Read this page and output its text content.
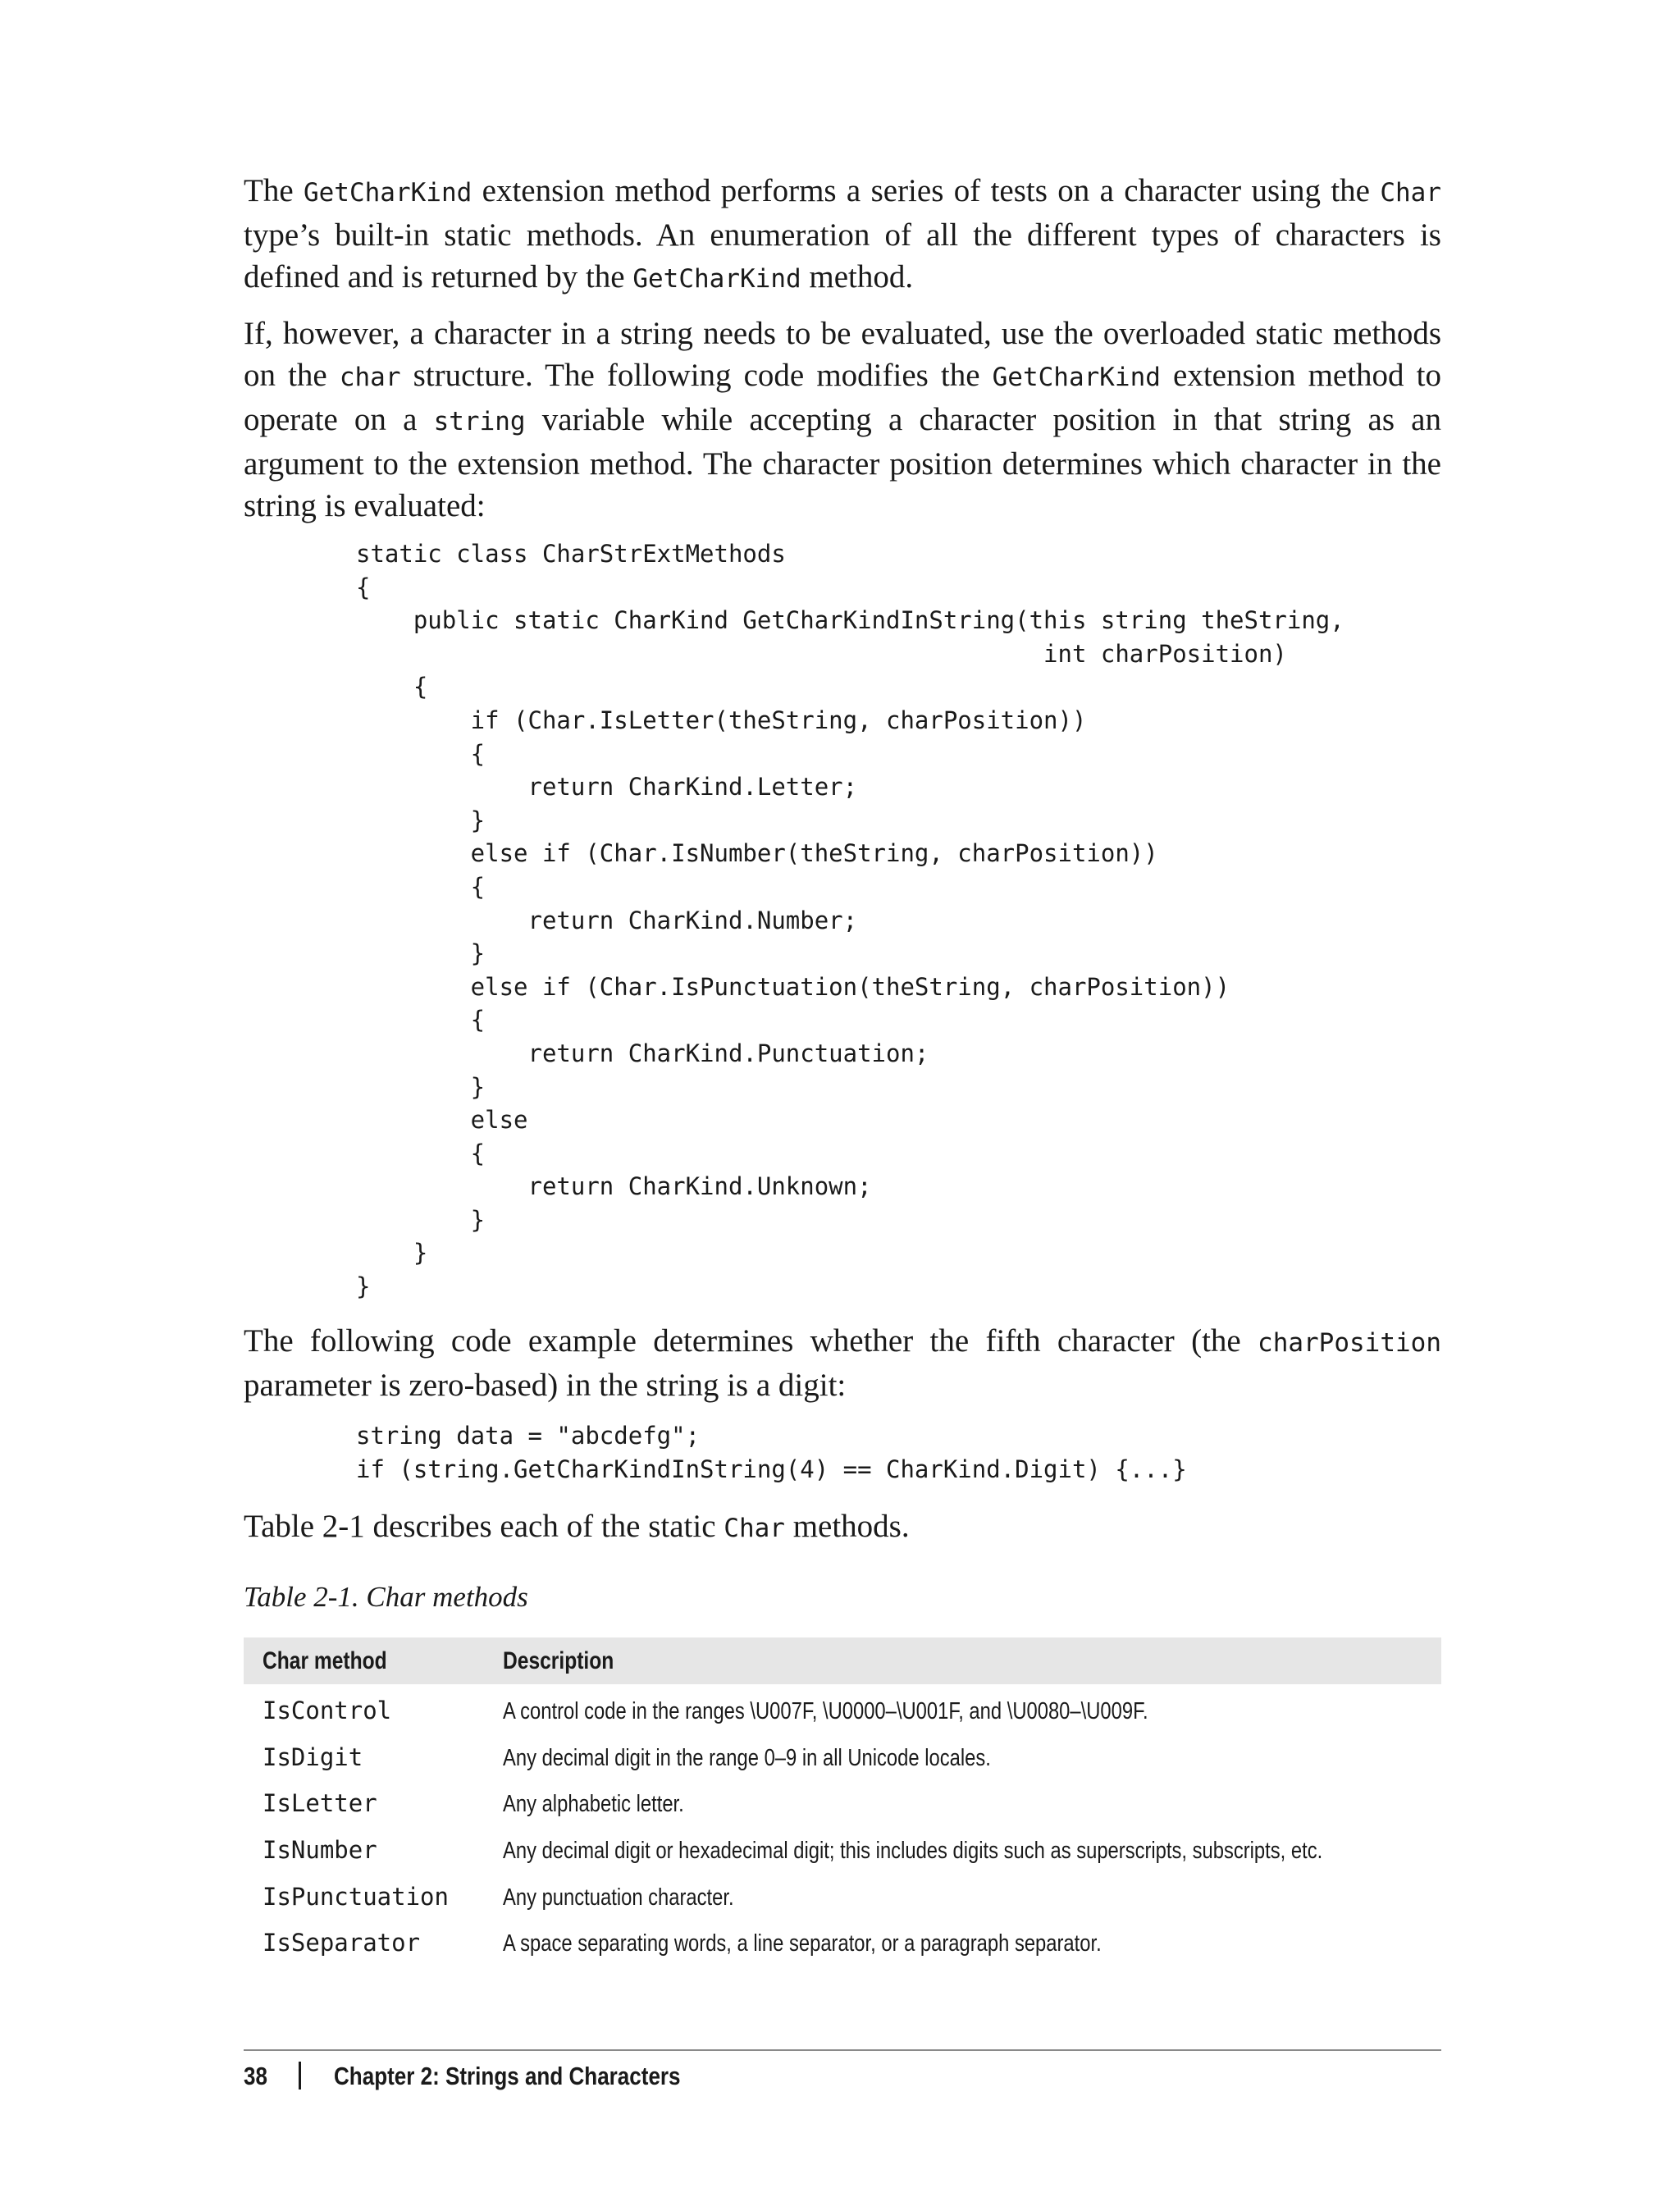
The GetCharKind extension method performs a series of tests on a character using the Char type’s built-in static methods. An enumeration of all the different types of characters is defined and is returned by the GetCharKind method.

If, however, a character in a string needs to be evaluated, use the overloaded static methods on the char structure. The following code modifies the GetCharKind extension method to operate on a string variable while accepting a character position in that string as an argument to the extension method. The character position determines which character in the string is evaluated:

static class CharStrExtMethods
{
public static CharKind GetCharKindInString(this string theString,
int charPosition)
{
if (Char.IsLetter(theString, charPosition))
{
return CharKind.Letter;
}
else if (Char.IsNumber(theString, charPosition))
{
return CharKind.Number;
}
else if (Char.IsPunctuation(theString, charPosition))
{
return CharKind.Punctuation;
}
else
{
return CharKind.Unknown;
}
}
}

The following code example determines whether the fifth character (the charPosition parameter is zero-based) in the string is a digit:

string data = "abcdefg";
if (string.GetCharKindInString(4) == CharKind.Digit) {...}

Table 2-1 describes each of the static Char methods.

Table 2-1. Char methods
Char method	Description
IsControl	A control code in the ranges \U007F, \U0000–\U001F, and \U0080–\U009F.
IsDigit	Any decimal digit in the range 0–9 in all Unicode locales.
IsLetter	Any alphabetic letter.
IsNumber	Any decimal digit or hexadecimal digit; this includes digits such as superscripts, subscripts, etc.
IsPunctuation Any punctuation character.
IsSeparator	A space separating words, a line separator, or a paragraph separator.
38	Chapter 2: Strings and Characters
